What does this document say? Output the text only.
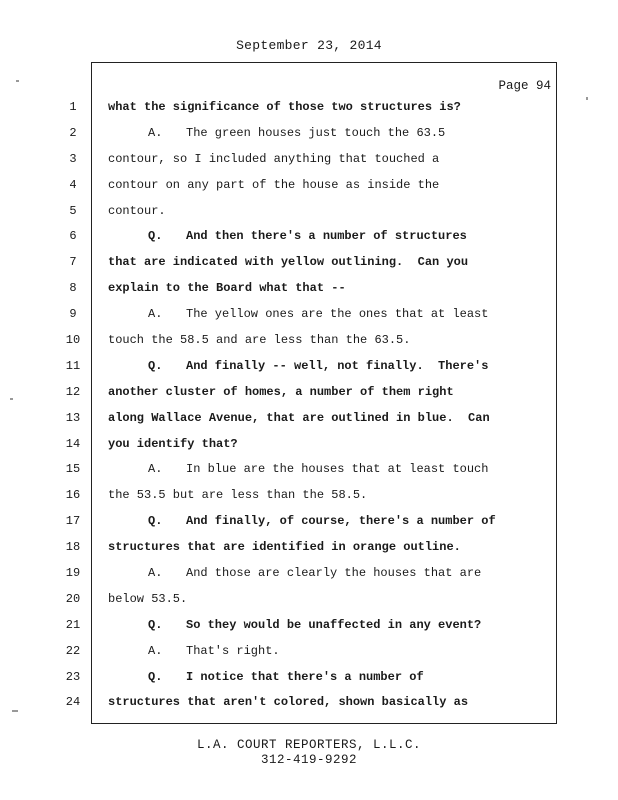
September 23, 2014
Page 94
1
2
3
4
5
6
7
8
9
10
11
12
13
14
15
16
17
18
19
20
21
22
23
24
what the significance of those two structures is?
A. The green houses just touch the 63.5
contour, so I included anything that touched a
contour on any part of the house as inside the
contour.
Q. And then there's a number of structures
that are indicated with yellow outlining.  Can you
explain to the Board what that --
A. The yellow ones are the ones that at least
touch the 58.5 and are less than the 63.5.
Q. And finally -- well, not finally.  There's
another cluster of homes, a number of them right
along Wallace Avenue, that are outlined in blue.  Can
you identify that?
A. In blue are the houses that at least touch
the 53.5 but are less than the 58.5.
Q. And finally, of course, there's a number of
structures that are identified in orange outline.
A. And those are clearly the houses that are
below 53.5.
Q. So they would be unaffected in any event?
A. That's right.
Q. I notice that there's a number of
structures that aren't colored, shown basically as
L.A. COURT REPORTERS, L.L.C.
312-419-9292
